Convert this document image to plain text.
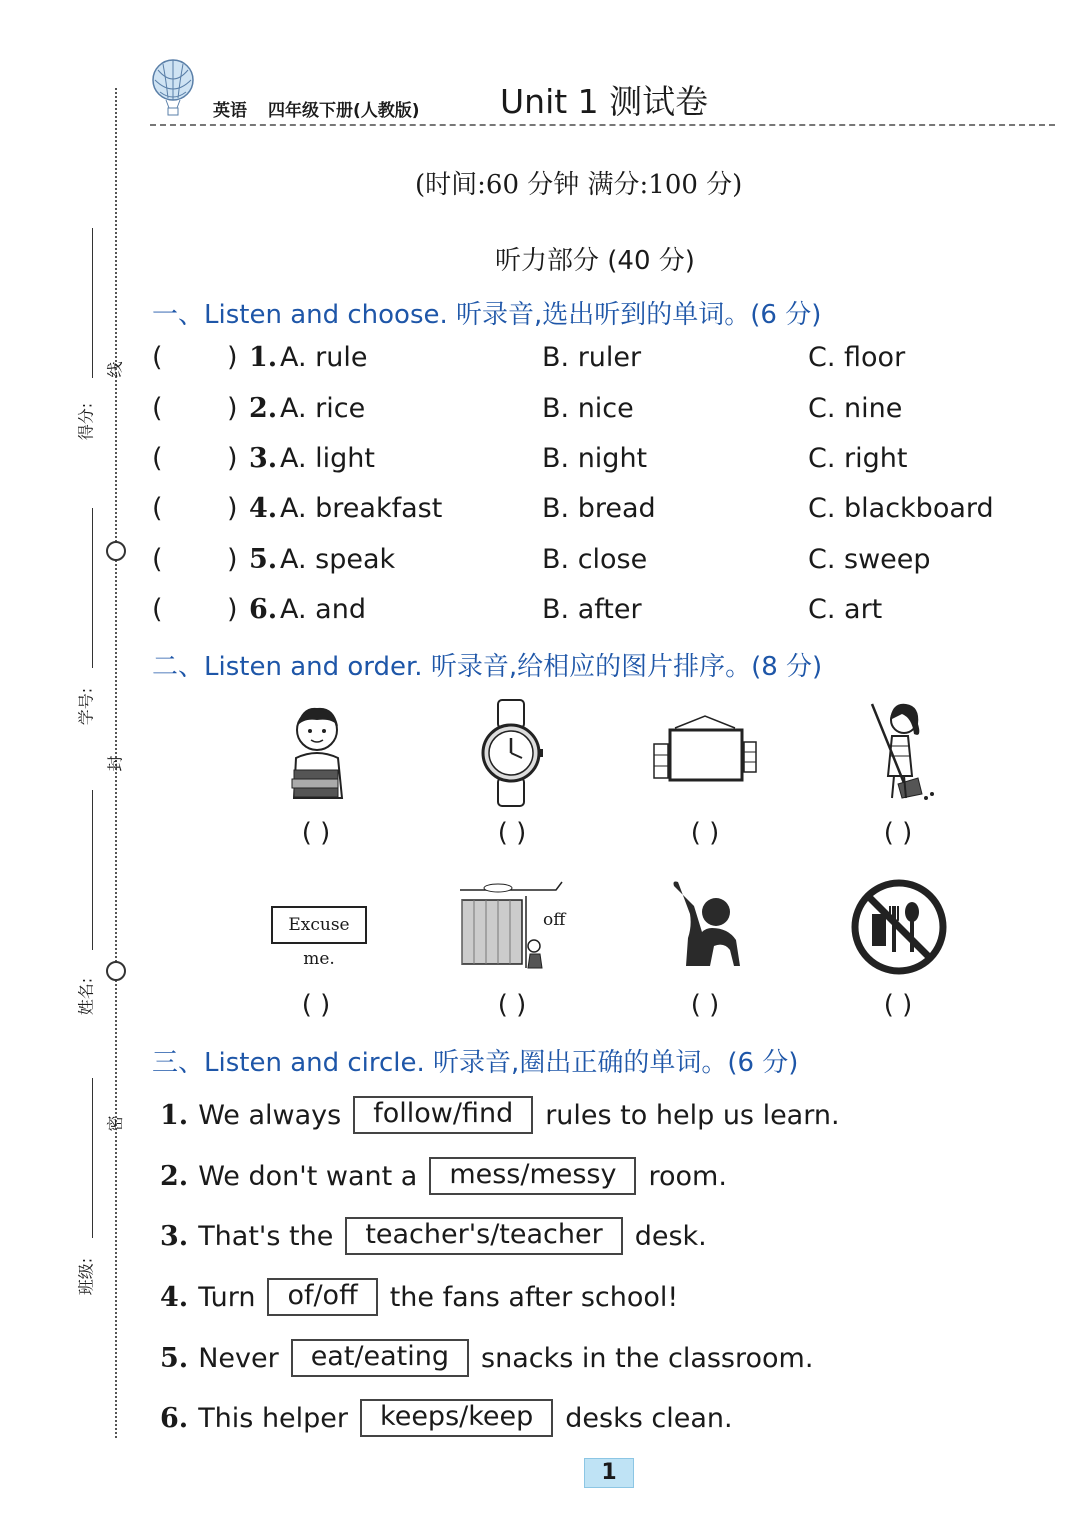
英语 四年级下册(人教版) Unit 1 测试卷
得分:
线
学号:
封
姓名:
密
班级:
(时间:60 分钟 满分:100 分)
听力部分 (40 分)
一、Listen and choose. 听录音,选出听到的单词。(6 分)
( ) 1. A. rule	B. ruler	C. floor
( ) 2. A. rice	B. nice	C. nine
( ) 3. A. light	B. night	C. right
( ) 4. A. breakfast	B. bread	C. blackboard
( ) 5. A. speak	B. close	C. sweep
( ) 6. A. and	B. after	C. art
二、Listen and order. 听录音,给相应的图片排序。(8 分)
( )	( )	( )	( )
Excuse me.
off
( )	( )	( )	( )
三、Listen and circle. 听录音,圈出正确的单词。(6 分)
1. We always	follow/find	rules to help us learn.
2. We don't want a	mess/messy	room.
3. That's the	teacher's/teacher	desk.
4. Turn	of/off	the fans after school!
5. Never	eat/eating	snacks in the classroom.
6. This helper	keeps/keep	desks clean.
1
